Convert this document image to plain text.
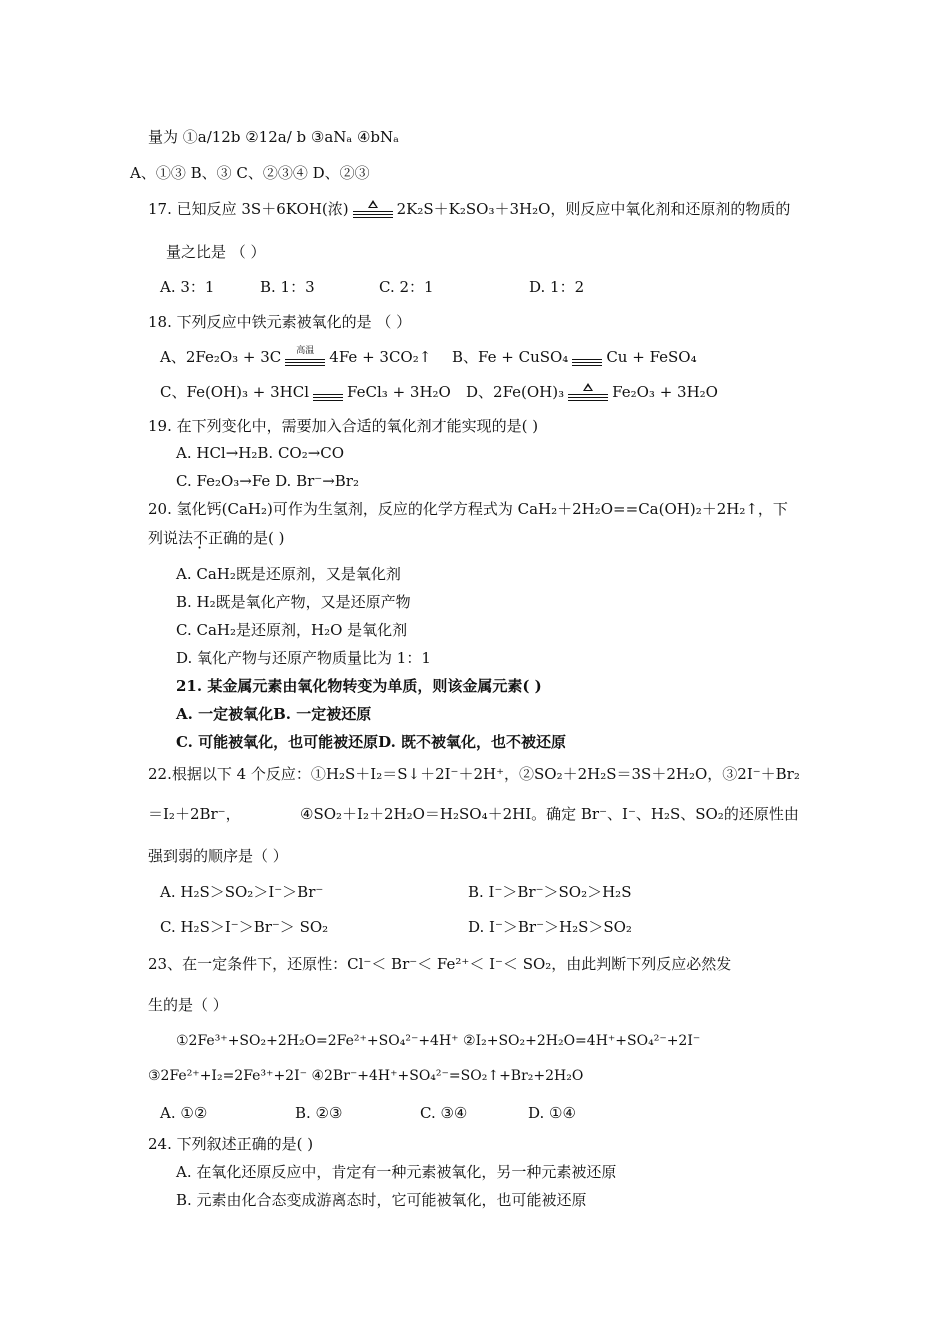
量为 ①a/12b ②12a/ b ③aNₐ ④bNₐ
A、①③ B、③ C、②③④ D、②③
17. 已知反应 3S＋6KOH(浓)	2K₂S＋K₂SO₃＋3H₂O，则反应中氧化剂和还原剂的物质的
量之比是 （ ）
A. 3：1	B. 1：3	C. 2：1	D. 1：2
18. 下列反应中铁元素被氧化的是 （ ）
A、2Fe₂O₃ + 3C	高温	4Fe + 3CO₂↑ B、Fe + CuSO₄	Cu + FeSO₄
C、Fe(OH)₃ + 3HCl	FeCl₃ + 3H₂O D、2Fe(OH)₃	Fe₂O₃ + 3H₂O
19. 在下列变化中，需要加入合适的氧化剂才能实现的是( )
A. HCl→H₂B. CO₂→CO
C. Fe₂O₃→Fe D. Br⁻→Br₂
20. 氢化钙(CaH₂)可作为生氢剂，反应的化学方程式为 CaH₂＋2H₂O==Ca(OH)₂＋2H₂↑，下
列说法不正确的是( )
A. CaH₂既是还原剂，又是氧化剂
B. H₂既是氧化产物，又是还原产物
C. CaH₂是还原剂，H₂O 是氧化剂
D. 氧化产物与还原产物质量比为 1：1
21. 某金属元素由氧化物转变为单质，则该金属元素( )
A. 一定被氧化B. 一定被还原
C. 可能被氧化，也可能被还原D. 既不被氧化，也不被还原
22.根据以下 4 个反应：①H₂S＋I₂＝S↓＋2I⁻＋2H⁺，②SO₂＋2H₂S＝3S＋2H₂O，③2I⁻＋Br₂
＝I₂＋2Br⁻，	④SO₂＋I₂＋2H₂O＝H₂SO₄＋2HI。确定 Br⁻、I⁻、H₂S、SO₂的还原性由
强到弱的顺序是（ ）
A. H₂S＞SO₂＞I⁻＞Br⁻	B. I⁻＞Br⁻＞SO₂＞H₂S
C. H₂S＞I⁻＞Br⁻＞ SO₂	D. I⁻＞Br⁻＞H₂S＞SO₂
23、在一定条件下，还原性：Cl⁻＜ Br⁻＜ Fe²⁺＜ I⁻＜ SO₂，由此判断下列反应必然发
生的是（ ）
①2Fe³⁺+SO₂+2H₂O=2Fe²⁺+SO₄²⁻+4H⁺ ②I₂+SO₂+2H₂O=4H⁺+SO₄²⁻+2I⁻
③2Fe²⁺+I₂=2Fe³⁺+2I⁻ ④2Br⁻+4H⁺+SO₄²⁻=SO₂↑+Br₂+2H₂O
A. ①②	B. ②③	C. ③④	D. ①④
24. 下列叙述正确的是( )
A. 在氧化还原反应中，肯定有一种元素被氧化，另一种元素被还原
B. 元素由化合态变成游离态时，它可能被氧化，也可能被还原
